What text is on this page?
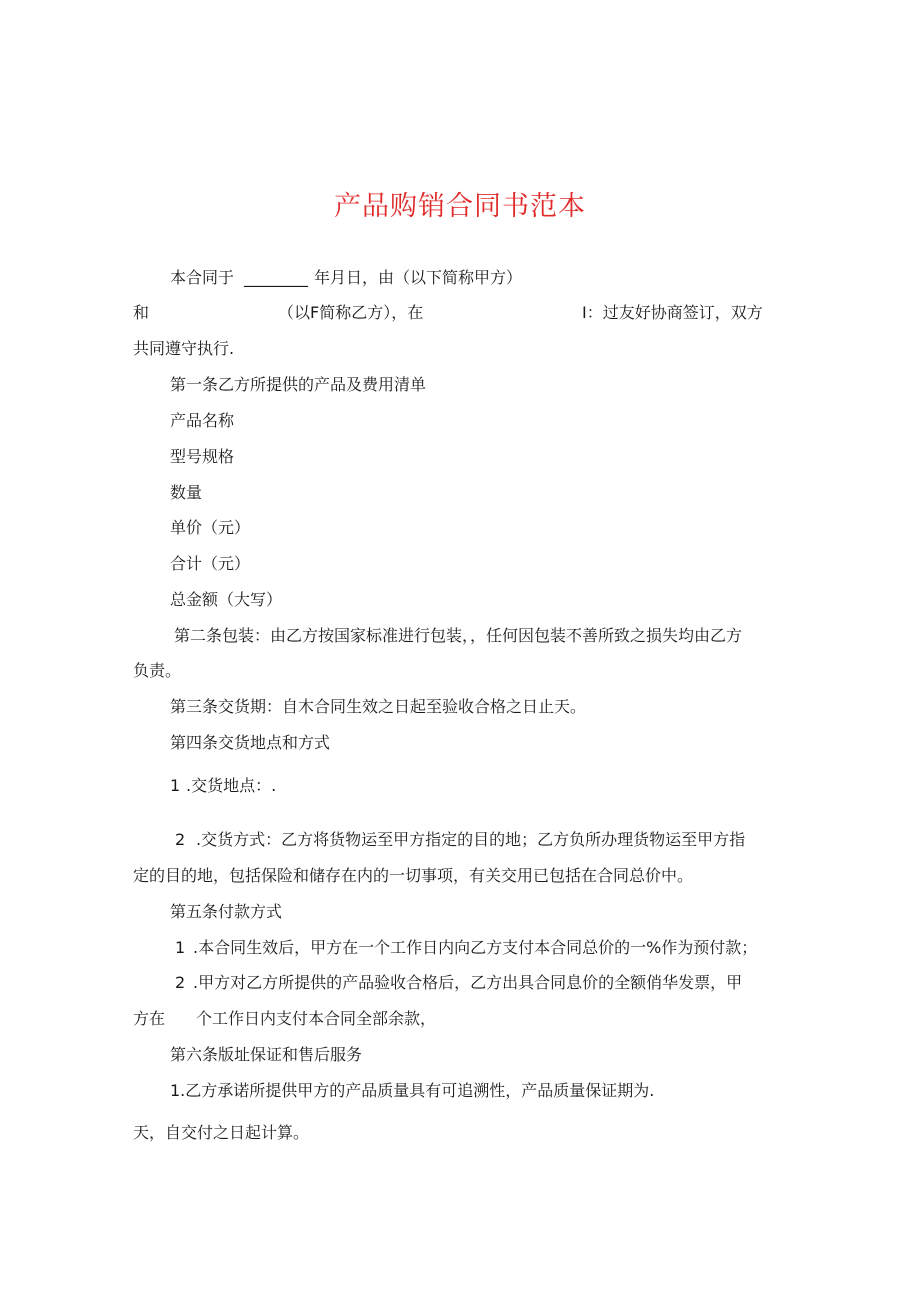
产品购销合同书范本
本合同于 ________ 年月日，由（以下简称甲方）
和	（以F简称乙方），在	I：过友好协商签订，双方
共同遵守执行.
第一条乙方所提供的产品及费用清单
产品名称
型号规格
数量
单价（元）
合计（元）
总金额（大写）
第二条包装：由乙方按国家标准进行包装，，任何因包装不善所致之损失均由乙方
负责。
第三条交货期：自木合同生效之日起至验收合格之日止天。
第四条交货地点和方式
1 .交货地点：.
2 .交货方式：乙方将货物运至甲方指定的目的地；乙方负所办理货物运至甲方指
定的目的地，包括保险和储存在内的一切事项，有关交用已包括在合同总价中。
第五条付款方式
1 .本合同生效后，甲方在一个工作日内向乙方支付本合同总价的一%作为预付款；
2 .甲方对乙方所提供的产品验收合格后，乙方出具合同息价的全额俏华发票，甲
方在 个工作日内支付本合同全部余款，
第六条版址保证和售后服务
1.乙方承诺所提供甲方的产品质量具有可追溯性，产品质量保证期为.
天，自交付之日起计算。
